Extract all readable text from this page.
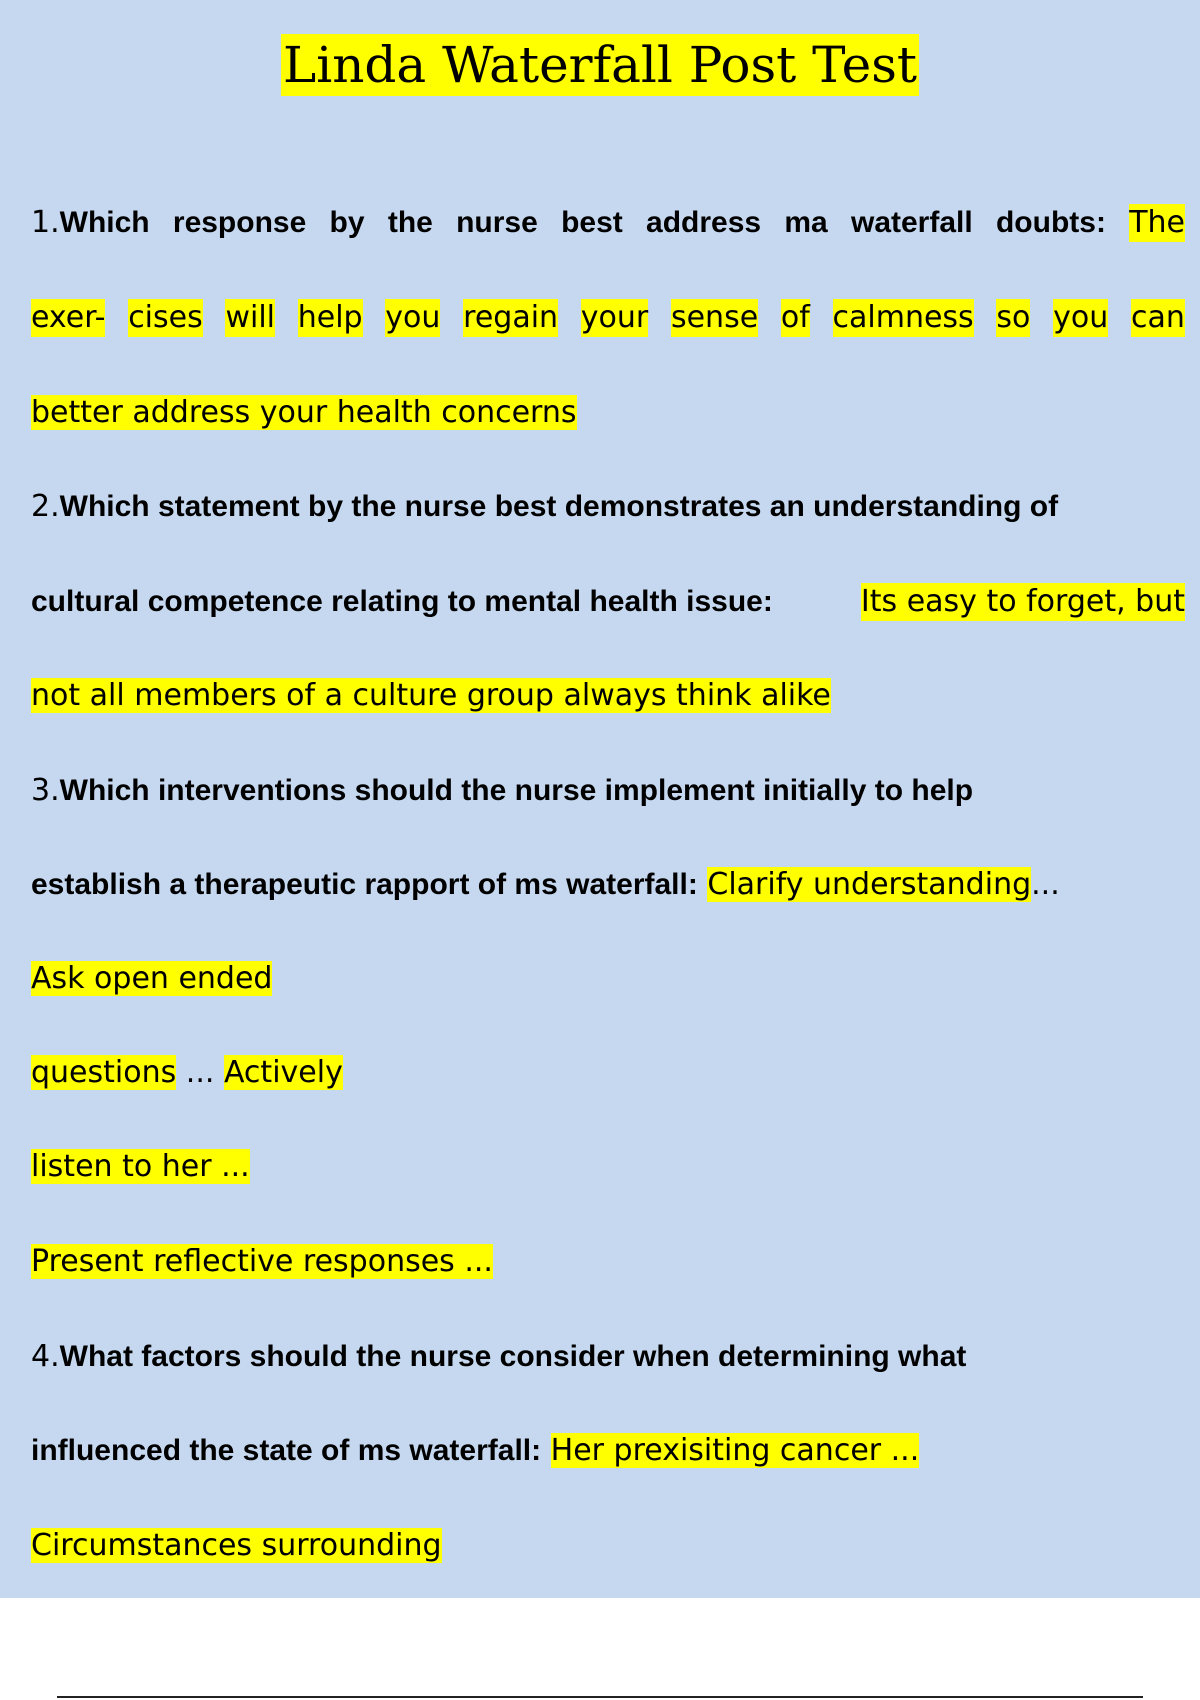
Linda Waterfall Post Test
1.Which response by the nurse best address ma waterfall doubts: The
exer- cises will help you regain your sense of calmness so you can
better address your health concerns
2.Which statement by the nurse best demonstrates an understanding of
cultural competence relating to mental health issue:	Its easy to forget, but
not all members of a culture group always think alike
3.Which interventions should the nurse implement initially to help
establish a therapeutic rapport of ms waterfall: Clarify understanding...
Ask open ended
questions ... Actively
listen to her ...
Present reflective responses ...
4.What factors should the nurse consider when determining what
influenced the state of ms waterfall: Her prexisiting cancer ...
Circumstances surrounding
